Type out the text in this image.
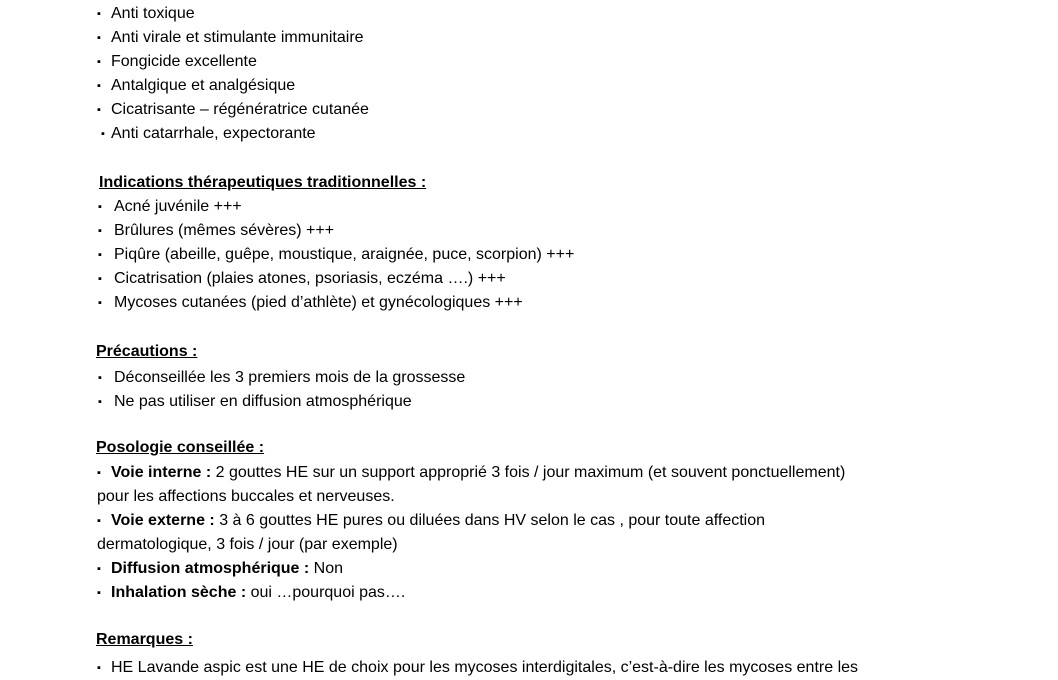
▪ Anti toxique
▪ Anti virale et stimulante immunitaire
▪ Fongicide excellente
▪ Antalgique et analgésique
▪ Cicatrisante – régénératrice cutanée
▪ Anti catarrhale, expectorante
Indications thérapeutiques traditionnelles :
▪ Acné juvénile +++
▪ Brûlures (mêmes sévères) +++
▪ Piqûre (abeille, guêpe, moustique, araignée, puce, scorpion) +++
▪ Cicatrisation (plaies atones, psoriasis, eczéma ….) +++
▪ Mycoses cutanées (pied d’athlète) et gynécologiques +++
Précautions :
▪ Déconseillée les 3 premiers mois de la grossesse
▪ Ne pas utiliser en diffusion atmosphérique
Posologie conseillée :
▪ Voie interne : 2 gouttes HE sur un support approprié 3 fois / jour maximum (et souvent ponctuellement)
pour les affections buccales et nerveuses.
▪ Voie externe : 3 à 6 gouttes HE pures ou diluées dans HV selon le cas , pour toute affection
dermatologique, 3 fois / jour (par exemple)
▪ Diffusion atmosphérique : Non
▪ Inhalation sèche : oui …pourquoi pas….
Remarques :
▪ HE Lavande aspic est une HE de choix pour les mycoses interdigitales, c’est-à-dire les mycoses entre les
